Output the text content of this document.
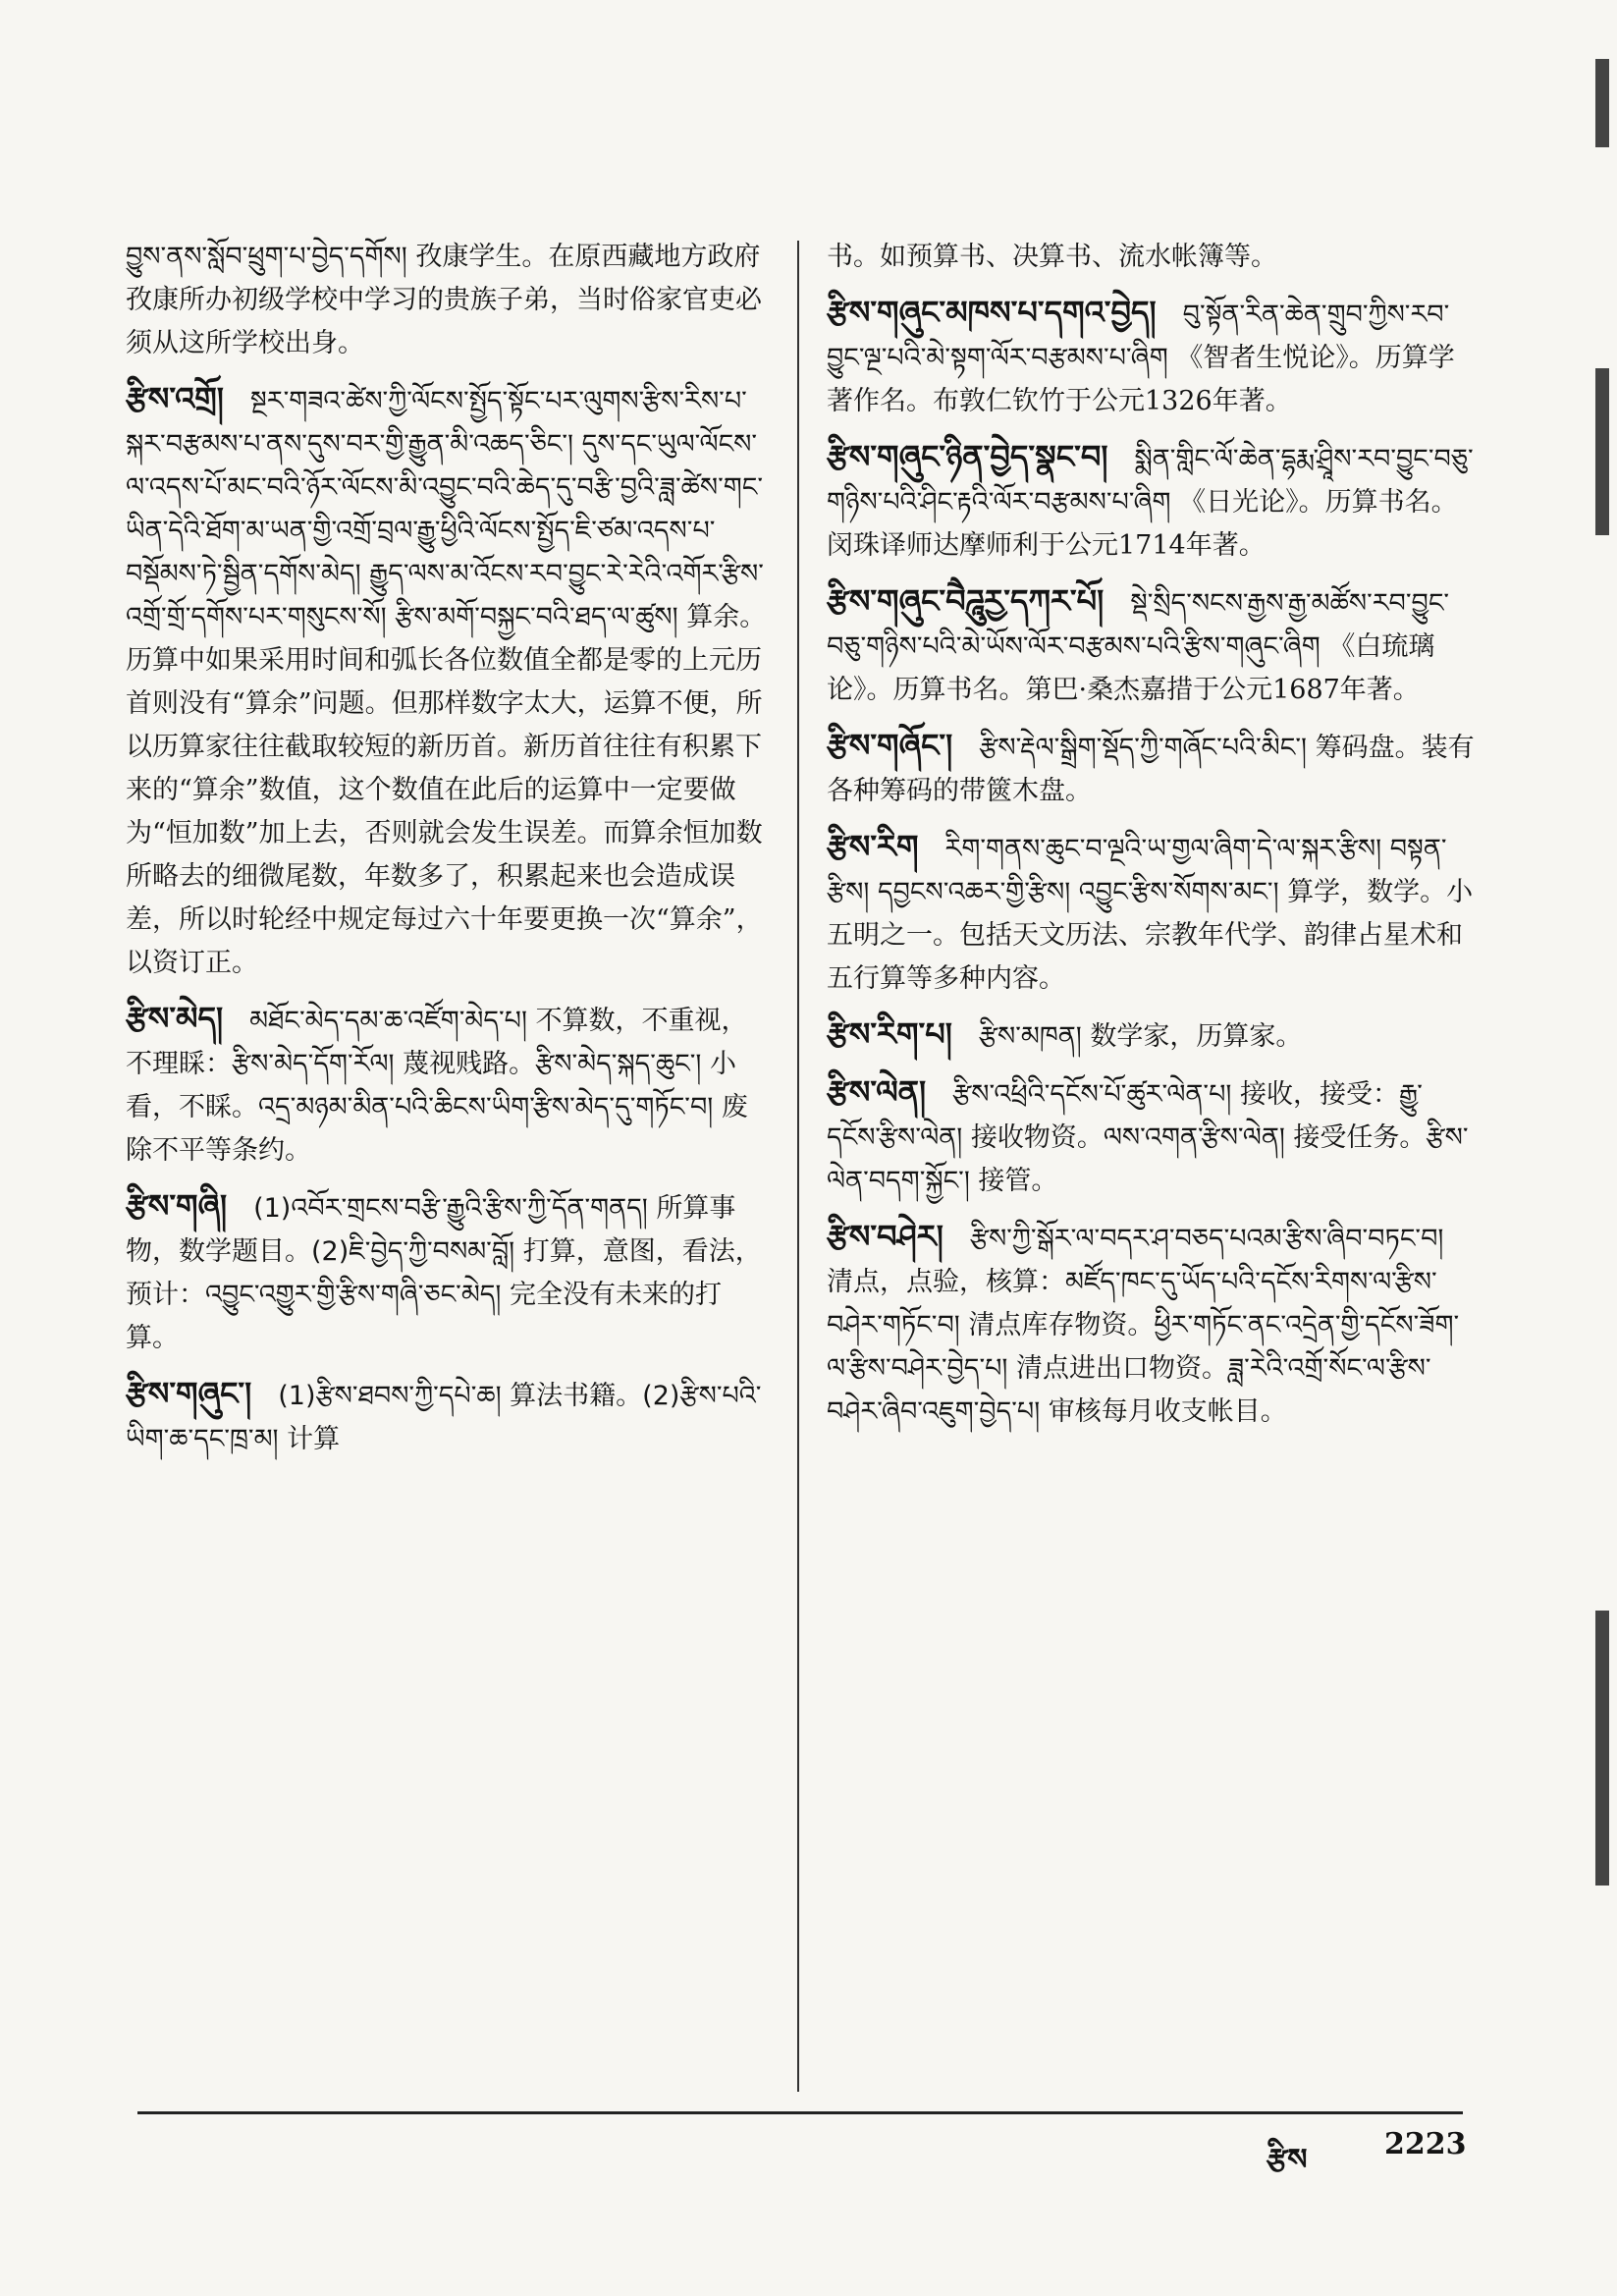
བྱུས་ནས་སློབ་ཕྲུག་པ་བྱེད་དགོས། 孜康学生。在原西藏地方政府孜康所办初级学校中学习的贵族子弟，当时俗家官吏必须从这所学校出身。
རྩིས་འགྲོ།  སྔར་གཟའ་ཚེས་ཀྱི་ལོངས་སྤྱོད་སྟོང་པར་ལུགས་རྩིས་རིས་པ་སྐར་བརྩམས་པ་ནས་དུས་བར་གྱི་རྒྱུན་མི་འཆད་ཅིང་། དུས་དང་ཡུལ་ལོངས་ལ་འདས་པོ་མང་བའི་ཉོར་ལོངས་མི་འབྱུང་བའི་ཆེད་དུ་བརྩི་བྱའི་ཟླ་ཚེས་གང་ཡིན་དེའི་ཐོག་མ་ཡན་གྱི་འགྲོ་བྲལ་རྒྱུ་ཕྱིའི་ལོངས་སྤྱོད་ཇི་ཙམ་འདས་པ་བསྡོམས་ཏེ་སྦྱིན་དགོས་མེད། རྒྱུད་ལས་མ་འོངས་རབ་བྱུང་རེ་རེའི་འགོར་རྩིས་འགྲོ་གྲོ་དགོས་པར་གསུངས་སོ། རྩིས་མགོ་བསྐྱང་བའི་ཐད་ལ་ཚུས། 算余。历算中如果采用时间和弧长各位数值全都是零的上元历首则没有“算余”问题。但那样数字太大，运算不便，所以历算家往往截取较短的新历首。新历首往往有积累下来的“算余”数值，这个数值在此后的运算中一定要做为“恒加数”加上去，否则就会发生误差。而算余恒加数所略去的细微尾数，年数多了，积累起来也会造成误差，所以时轮经中规定每过六十年要更换一次“算余”，以资订正。
རྩིས་མེད།  མཐོང་མེད་དམ་ཆ་འཛོག་མེད་པ། 不算数，不重视，不理睬：རྩིས་མེད་དོག་རོལ། 蔑视贱路。རྩིས་མེད་སྐད་ཆུང་། 小看，不睬。འདྲ་མཉམ་མིན་པའི་ཆིངས་ཡིག་རྩིས་མེད་དུ་གཏོང་བ། 废除不平等条约。
རྩིས་གཞི།  (1)འབོར་གྲངས་བརྩི་རྒྱུའི་རྩིས་ཀྱི་དོན་གནད། 所算事物，数学题目。(2)ཇི་བྱེད་ཀྱི་བསམ་བློ། 打算，意图，看法，预计：འབྱུང་འགྱུར་གྱི་རྩིས་གཞི་ཅང་མེད། 完全没有未来的打算。
རྩིས་གཞུང་།  (1)རྩིས་ཐབས་ཀྱི་དཔེ་ཆ། 算法书籍。(2)རྩིས་པའི་ཡིག་ཆ་དང་ཁྲ་མ། 计算
书。如预算书、决算书、流水帐簿等。
རྩིས་གཞུང་མཁས་པ་དགའ་བྱེད།  བུ་སྟོན་རིན་ཆེན་གྲུབ་ཀྱིས་རབ་བྱུང་ལྔ་པའི་མེ་སྟག་ལོར་བརྩམས་པ་ཞིག 《智者生悦论》。历算学著作名。布敦仁钦竹于公元1326年著。
རྩིས་གཞུང་ཉིན་བྱེད་སྣང་བ།  སྨིན་གླིང་ལོ་ཆེན་དྷརྨ་ཤྲཱིས་རབ་བྱུང་བཅུ་གཉིས་པའི་ཤིང་རྟའི་ལོར་བརྩམས་པ་ཞིག 《日光论》。历算书名。闵珠译师达摩师利于公元1714年著。
རྩིས་གཞུང་བཻཌཱུརྱ་དཀར་པོ།  སྡེ་སྲིད་སངས་རྒྱས་རྒྱ་མཚོས་རབ་བྱུང་བཅུ་གཉིས་པའི་མེ་ཡོས་ལོར་བརྩམས་པའི་རྩིས་གཞུང་ཞིག 《白琉璃论》。历算书名。第巴·桑杰嘉措于公元1687年著。
རྩིས་གཞོང་།  རྩིས་རྡེལ་སྒྲིག་སྡོད་ཀྱི་གཞོང་པའི་མིང་། 筹码盘。装有各种筹码的带篋木盘。
རྩིས་རིག  རིག་གནས་ཆུང་བ་ལྔའི་ཡ་གྱལ་ཞིག་དེ་ལ་སྐར་རྩིས། བསྟན་རྩིས། དབྱངས་འཆར་གྱི་རྩིས། འབྱུང་རྩིས་སོགས་མང་། 算学，数学。小五明之一。包括天文历法、宗教年代学、韵律占星术和五行算等多种内容。
རྩིས་རིག་པ།  རྩིས་མཁན། 数学家，历算家。
རྩིས་ལེན།  རྩིས་འཕྲིའི་དངོས་པོ་ཚུར་ལེན་པ། 接收，接受：རྒྱུ་དངོས་རྩིས་ལེན། 接收物资。ལས་འགན་རྩིས་ལེན། 接受任务。རྩིས་ལེན་བདག་སྐྱོང་། 接管。
རྩིས་བཤེར།  རྩིས་ཀྱི་སྒོར་ལ་བདར་ཤ་བཅད་པའམ་རྩིས་ཞིབ་བཏང་བ། 清点，点验，核算：མཛོད་ཁང་དུ་ཡོད་པའི་དངོས་རིགས་ལ་རྩིས་བཤེར་གཏོང་བ། 清点库存物资。ཕྱིར་གཏོང་ནང་འདྲེན་གྱི་དངོས་ཟོག་ལ་རྩིས་བཤེར་བྱེད་པ། 清点进出口物资。ཟླ་རེའི་འགྲོ་སོང་ལ་རྩིས་བཤེར་ཞིབ་འཇུག་བྱེད་པ། 审核每月收支帐目。
རྩིས	2223
